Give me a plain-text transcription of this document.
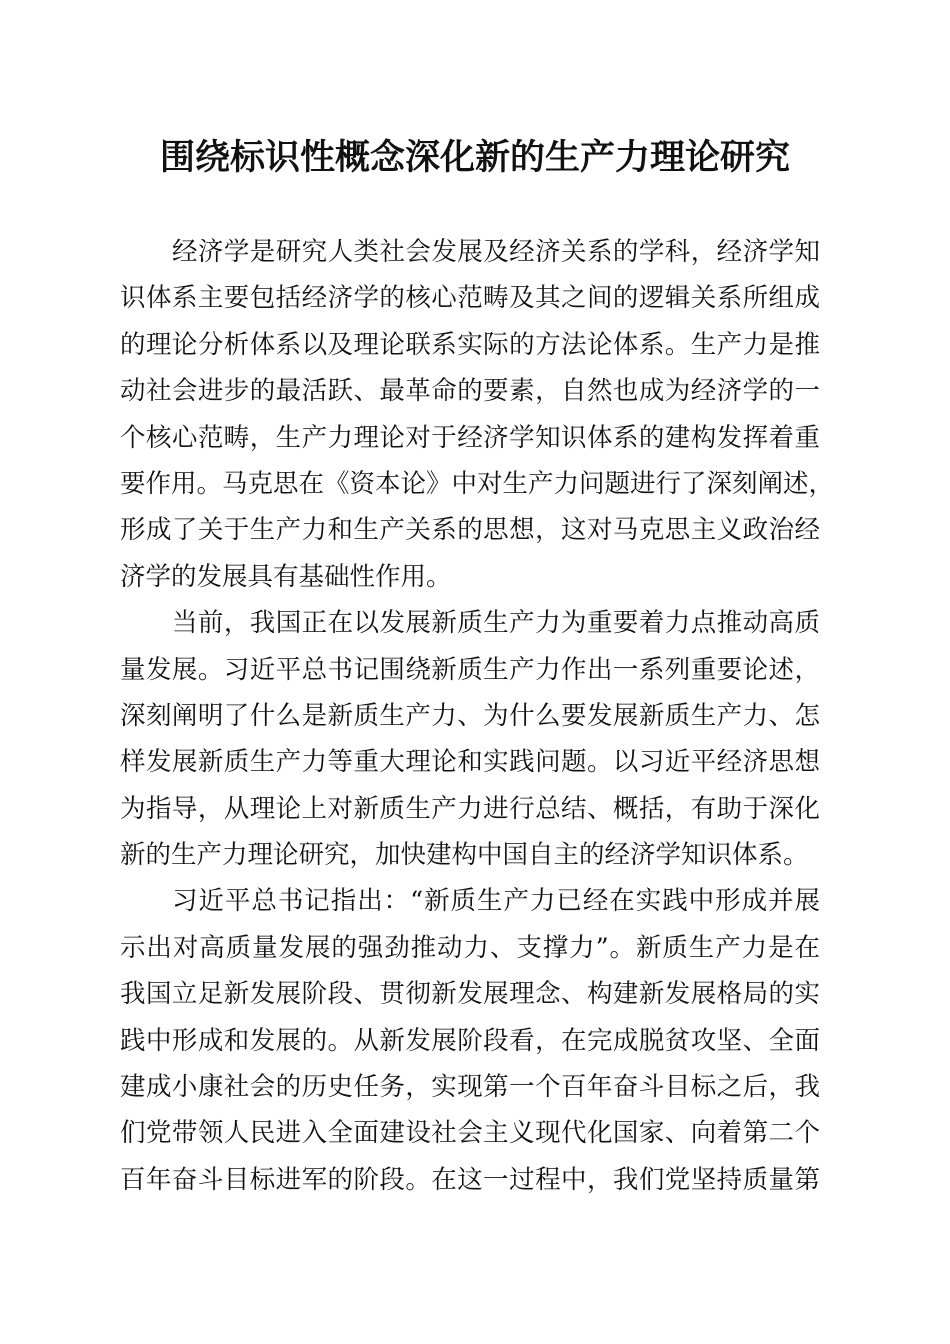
围绕标识性概念深化新的生产力理论研究

经济学是研究人类社会发展及经济关系的学科，经济学知

识体系主要包括经济学的核心范畴及其之间的逻辑关系所组成

的理论分析体系以及理论联系实际的方法论体系。生产力是推

动社会进步的最活跃、最革命的要素，自然也成为经济学的一

个核心范畴，生产力理论对于经济学知识体系的建构发挥着重

要作用。马克思在《资本论》中对生产力问题进行了深刻阐述，

形成了关于生产力和生产关系的思想，这对马克思主义政治经

济学的发展具有基础性作用。

当前，我国正在以发展新质生产力为重要着力点推动高质

量发展。习近平总书记围绕新质生产力作出一系列重要论述，

深刻阐明了什么是新质生产力、为什么要发展新质生产力、怎

样发展新质生产力等重大理论和实践问题。以习近平经济思想

为指导，从理论上对新质生产力进行总结、概括，有助于深化

新的生产力理论研究，加快建构中国自主的经济学知识体系。

习近平总书记指出：“新质生产力已经在实践中形成并展

示出对高质量发展的强劲推动力、支撑力”。新质生产力是在

我国立足新发展阶段、贯彻新发展理念、构建新发展格局的实

践中形成和发展的。从新发展阶段看，在完成脱贫攻坚、全面

建成小康社会的历史任务，实现第一个百年奋斗目标之后，我

们党带领人民进入全面建设社会主义现代化国家、向着第二个

百年奋斗目标进军的阶段。在这一过程中，我们党坚持质量第
